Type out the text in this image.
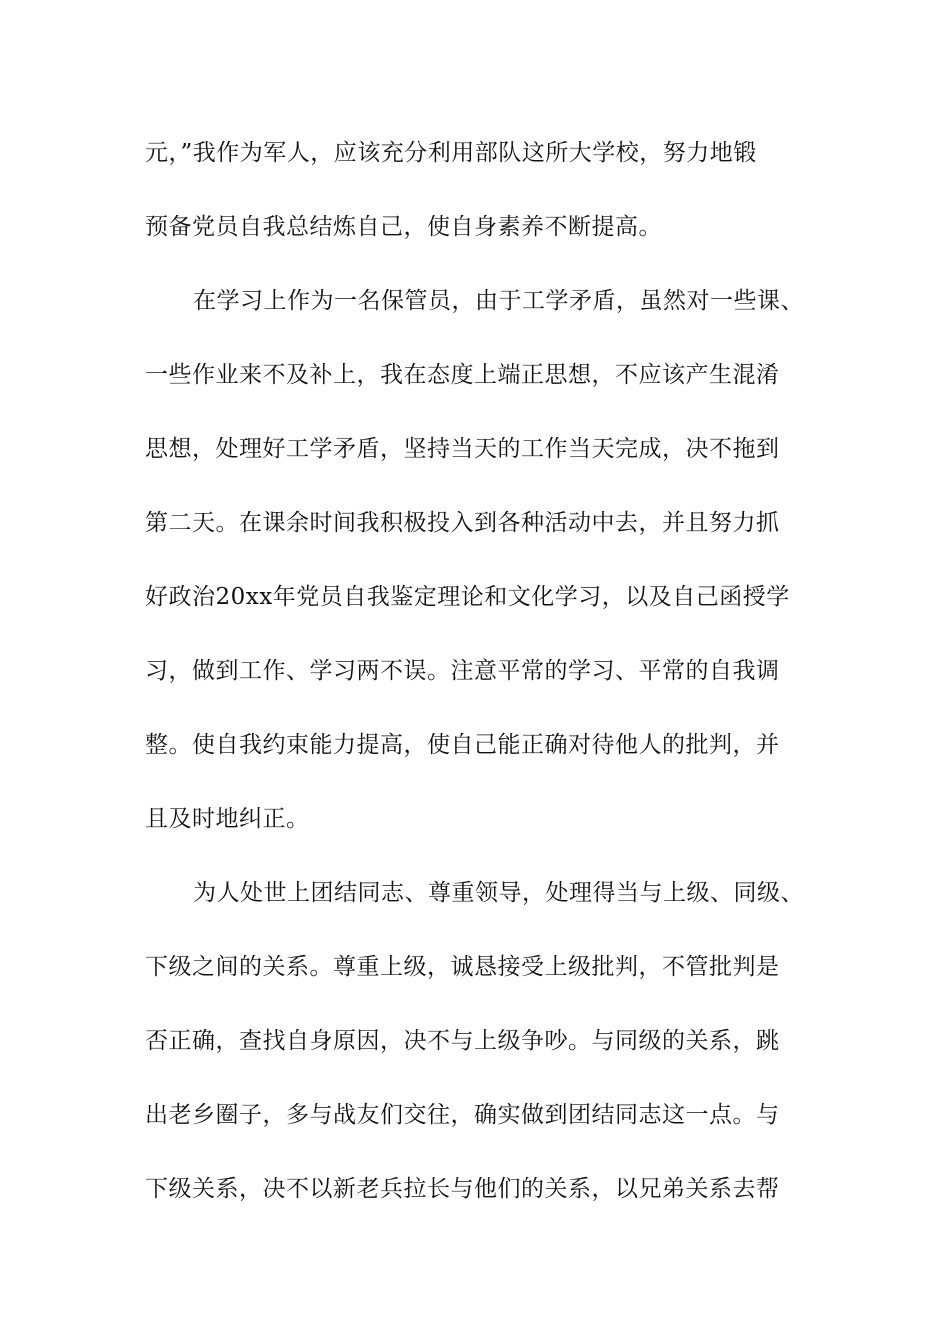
元，”我作为军人，应该充分利用部队这所大学校，努力地锻
预备党员自我总结炼自己，使自身素养不断提高。
在学习上作为一名保管员，由于工学矛盾，虽然对一些课、
一些作业来不及补上，我在态度上端正思想，不应该产生混淆
思想，处理好工学矛盾，坚持当天的工作当天完成，决不拖到
第二天。在课余时间我积极投入到各种活动中去，并且努力抓
好政治20xx年党员自我鉴定理论和文化学习，以及自己函授学
习，做到工作、学习两不误。注意平常的学习、平常的自我调
整。使自我约束能力提高，使自己能正确对待他人的批判，并
且及时地纠正。
为人处世上团结同志、尊重领导，处理得当与上级、同级、
下级之间的关系。尊重上级，诚恳接受上级批判，不管批判是
否正确，查找自身原因，决不与上级争吵。与同级的关系，跳
出老乡圈子，多与战友们交往，确实做到团结同志这一点。与
下级关系，决不以新老兵拉长与他们的关系，以兄弟关系去帮
